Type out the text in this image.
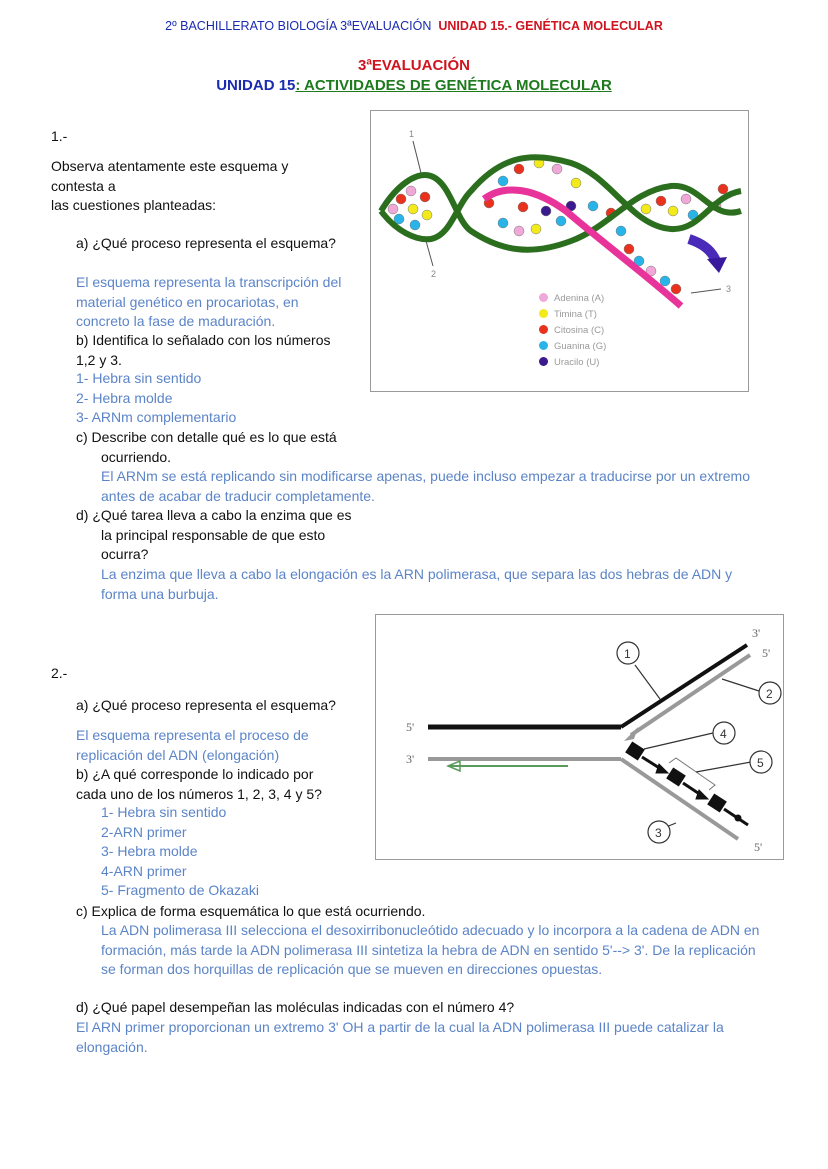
2º BACHILLERATO BIOLOGÍA 3ªEVALUACIÓN UNIDAD 15.- GENÉTICA MOLECULAR
3ªEVALUACIÓN
UNIDAD 15: ACTIVIDADES DE GENÉTICA MOLECULAR
1.-
Observa atentamente este esquema y
contesta a
las cuestiones planteadas:
a) ¿Qué proceso representa el esquema?
El esquema representa la transcripción del
material genético en procariotas, en
concreto la fase de maduración.
b) Identifica lo señalado con los números
1,2 y 3.
1- Hebra sin sentido
2- Hebra molde
3- ARNm complementario
c) Describe con detalle qué es lo que está
ocurriendo.
El ARNm se está replicando sin modificarse apenas, puede incluso empezar a traducirse por un extremo
antes de acabar de traducir completamente.
d) ¿Qué tarea lleva a cabo la enzima que es
la principal responsable de que esto
ocurra?
La enzima que lleva a cabo la elongación es la ARN polimerasa, que separa las dos hebras de ADN y
forma una burbuja.
1
2
3
Adenina (A)
Timina (T)
Citosina (C)
Guanina (G)
Uracilo (U)
2.-
a) ¿Qué proceso representa el esquema?
El esquema representa el proceso de
replicación del ADN (elongación)
b) ¿A qué corresponde lo indicado por
cada uno de los números 1, 2, 3, 4 y 5?
1- Hebra sin sentido
2-ARN primer
3- Hebra molde
4-ARN primer
5- Fragmento de Okazaki
c) Explica de forma esquemática lo que está ocurriendo.
La ADN polimerasa III selecciona el desoxirribonucleótido adecuado y lo incorpora a la cadena de ADN en
formación, más tarde la ADN polimerasa III sintetiza la hebra de ADN en sentido 5'--> 3'. De la replicación
se forman dos horquillas de replicación que se mueven en direcciones opuestas.
d) ¿Qué papel desempeñan las moléculas indicadas con el número 4?
El ARN primer proporcionan un extremo 3' OH a partir de la cual la ADN polimerasa III puede catalizar la
elongación.
5'
3'
3'
5'
5'
1
2
3
4
5
